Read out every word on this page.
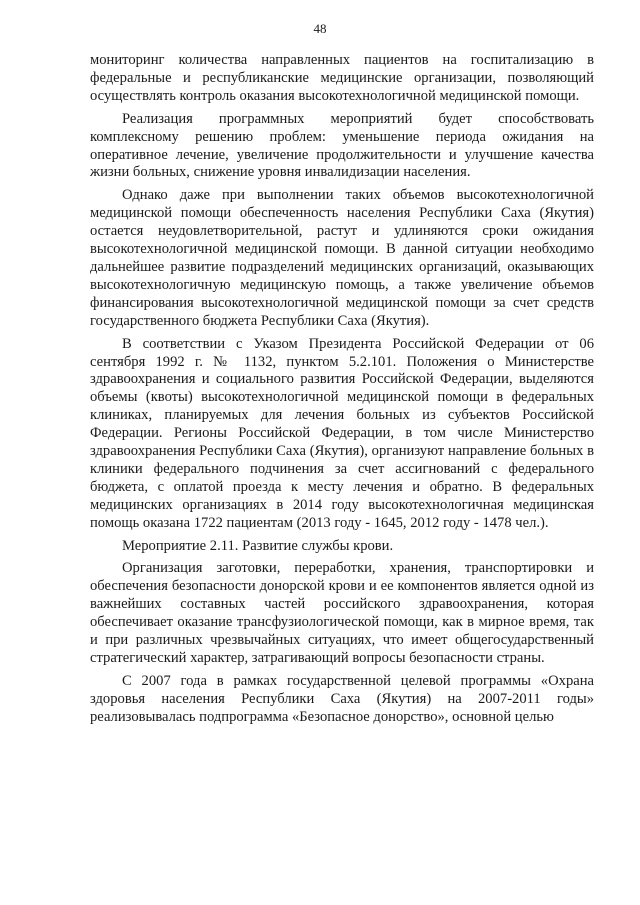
48

мониторинг количества направленных пациентов на госпитализацию в федеральные и республиканские медицинские организации, позволяющий осуществлять контроль оказания высокотехнологичной медицинской помощи.

Реализация программных мероприятий будет способствовать комплексному решению проблем: уменьшение периода ожидания на оперативное лечение, увеличение продолжительности и улучшение качества жизни больных, снижение уровня инвалидизации населения.

Однако даже при выполнении таких объемов высокотехнологичной медицинской помощи обеспеченность населения Республики Саха (Якутия) остается неудовлетворительной, растут и удлиняются сроки ожидания высокотехнологичной медицинской помощи. В данной ситуации необходимо дальнейшее развитие подразделений медицинских организаций, оказывающих высокотехнологичную медицинскую помощь, а также увеличение объемов финансирования высокотехнологичной медицинской помощи за счет средств государственного бюджета Республики Саха (Якутия).

В соответствии с Указом Президента Российской Федерации от 06 сентября 1992 г. № 1132, пунктом 5.2.101. Положения о Министерстве здравоохранения и социального развития Российской Федерации, выделяются объемы (квоты) высокотехнологичной медицинской помощи в федеральных клиниках, планируемых для лечения больных из субъектов Российской Федерации. Регионы Российской Федерации, в том числе Министерство здравоохранения Республики Саха (Якутия), организуют направление больных в клиники федерального подчинения за счет ассигнований с федерального бюджета, с оплатой проезда к месту лечения и обратно. В федеральных медицинских организациях в 2014 году высокотехнологичная медицинская помощь оказана 1722 пациентам (2013 году - 1645, 2012 году - 1478 чел.).

Мероприятие 2.11. Развитие службы крови.

Организация заготовки, переработки, хранения, транспортировки и обеспечения безопасности донорской крови и ее компонентов является одной из важнейших составных частей российского здравоохранения, которая обеспечивает оказание трансфузиологической помощи, как в мирное время, так и при различных чрезвычайных ситуациях, что имеет общегосударственный стратегический характер, затрагивающий вопросы безопасности страны.

С 2007 года в рамках государственной целевой программы «Охрана здоровья населения Республики Саха (Якутия) на 2007-2011 годы» реализовывалась подпрограмма «Безопасное донорство», основной целью
